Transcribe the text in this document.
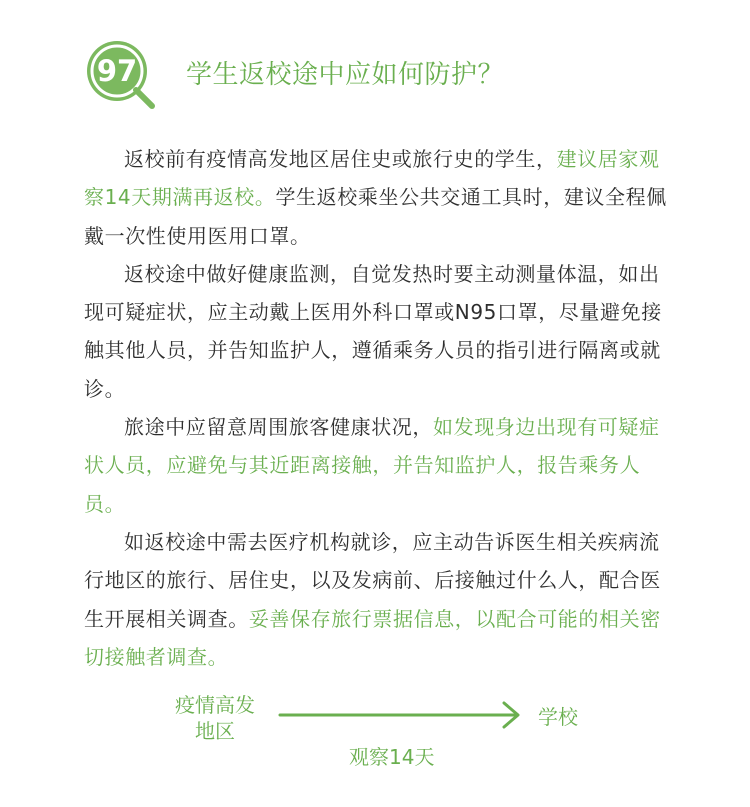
97 学生返校途中应如何防护？

返校前有疫情高发地区居住史或旅行史的学生，建议居家观察14天期满再返校。学生返校乘坐公共交通工具时，建议全程佩戴一次性使用医用口罩。

返校途中做好健康监测，自觉发热时要主动测量体温，如出现可疑症状，应主动戴上医用外科口罩或N95口罩，尽量避免接触其他人员，并告知监护人，遵循乘务人员的指引进行隔离或就诊。

旅途中应留意周围旅客健康状况，如发现身边出现有可疑症状人员，应避免与其近距离接触，并告知监护人，报告乘务人员。

如返校途中需去医疗机构就诊，应主动告诉医生相关疾病流行地区的旅行、居住史，以及发病前、后接触过什么人，配合医生开展相关调查。妥善保存旅行票据信息，以配合可能的相关密切接触者调查。

疫情高发
地区
学校
观察14天
